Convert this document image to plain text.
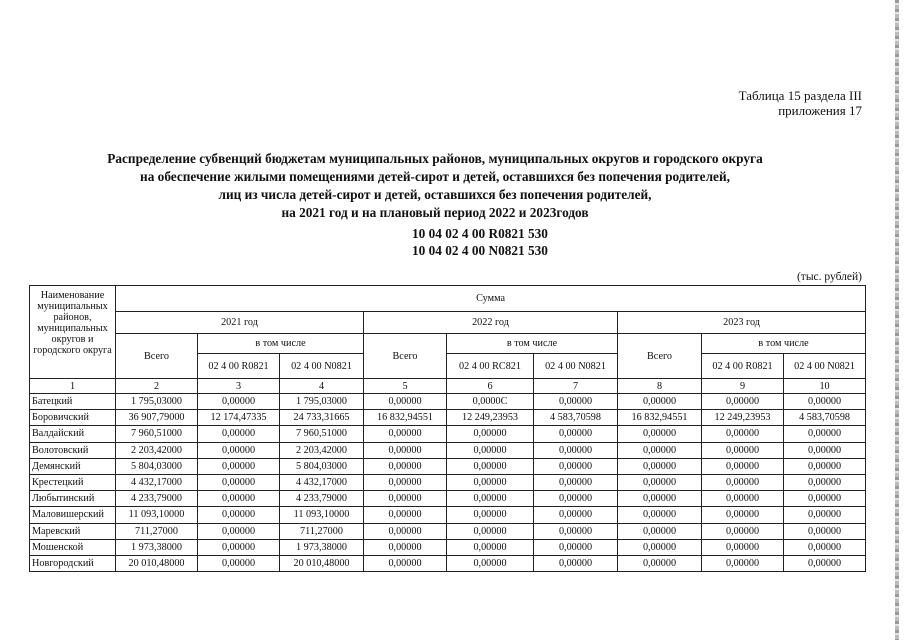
Таблица 15 раздела III
приложения 17
Распределение субвенций бюджетам муниципальных районов, муниципальных округов и городского округа
на обеспечение жилыми помещениями детей-сирот и детей, оставшихся без попечения родителей,
лиц из числа детей-сирот и детей, оставшихся без попечения родителей,
на 2021 год и на плановый период 2022 и 2023годов
10 04 02 4 00 R0821 530
10 04 02 4 00 N0821 530
(тыс. рублей)
Наименование муниципальных районов, муниципальных округов и городского округа	Сумма								
	2021 год			2022 год			2023 год		
	Всего	в том числе		Всего	в том числе		Всего	в том числе	
		02 4 00 R0821	02 4 00 N0821		02 4 00 RC821	02 4 00 N0821		02 4 00 R0821	02 4 00 N0821
1	2	3	4	5	6	7	8	9	10
Батецкий	1 795,03000	0,00000	1 795,03000	0,00000	0,0000C	0,00000	0,00000	0,00000	0,00000
Боровичский	36 907,79000	12 174,47335	24 733,31665	16 832,94551	12 249,23953	4 583,70598	16 832,94551	12 249,23953	4 583,70598
Валдайский	7 960,51000	0,00000	7 960,51000	0,00000	0,00000	0,00000	0,00000	0,00000	0,00000
Волотовский	2 203,42000	0,00000	2 203,42000	0,00000	0,00000	0,00000	0,00000	0,00000	0,00000
Демянский	5 804,03000	0,00000	5 804,03000	0,00000	0,00000	0,00000	0,00000	0,00000	0,00000
Крестецкий	4 432,17000	0,00000	4 432,17000	0,00000	0,00000	0,00000	0,00000	0,00000	0,00000
Любытинский	4 233,79000	0,00000	4 233,79000	0,00000	0,00000	0,00000	0,00000	0,00000	0,00000
Маловишерский	11 093,10000	0,00000	11 093,10000	0,00000	0,00000	0,00000	0,00000	0,00000	0,00000
Маревский	711,27000	0,00000	711,27000	0,00000	0,00000	0,00000	0,00000	0,00000	0,00000
Мошенской	1 973,38000	0,00000	1 973,38000	0,00000	0,00000	0,00000	0,00000	0,00000	0,00000
Новгородский	20 010,48000	0,00000	20 010,48000	0,00000	0,00000	0,00000	0,00000	0,00000	0,00000
